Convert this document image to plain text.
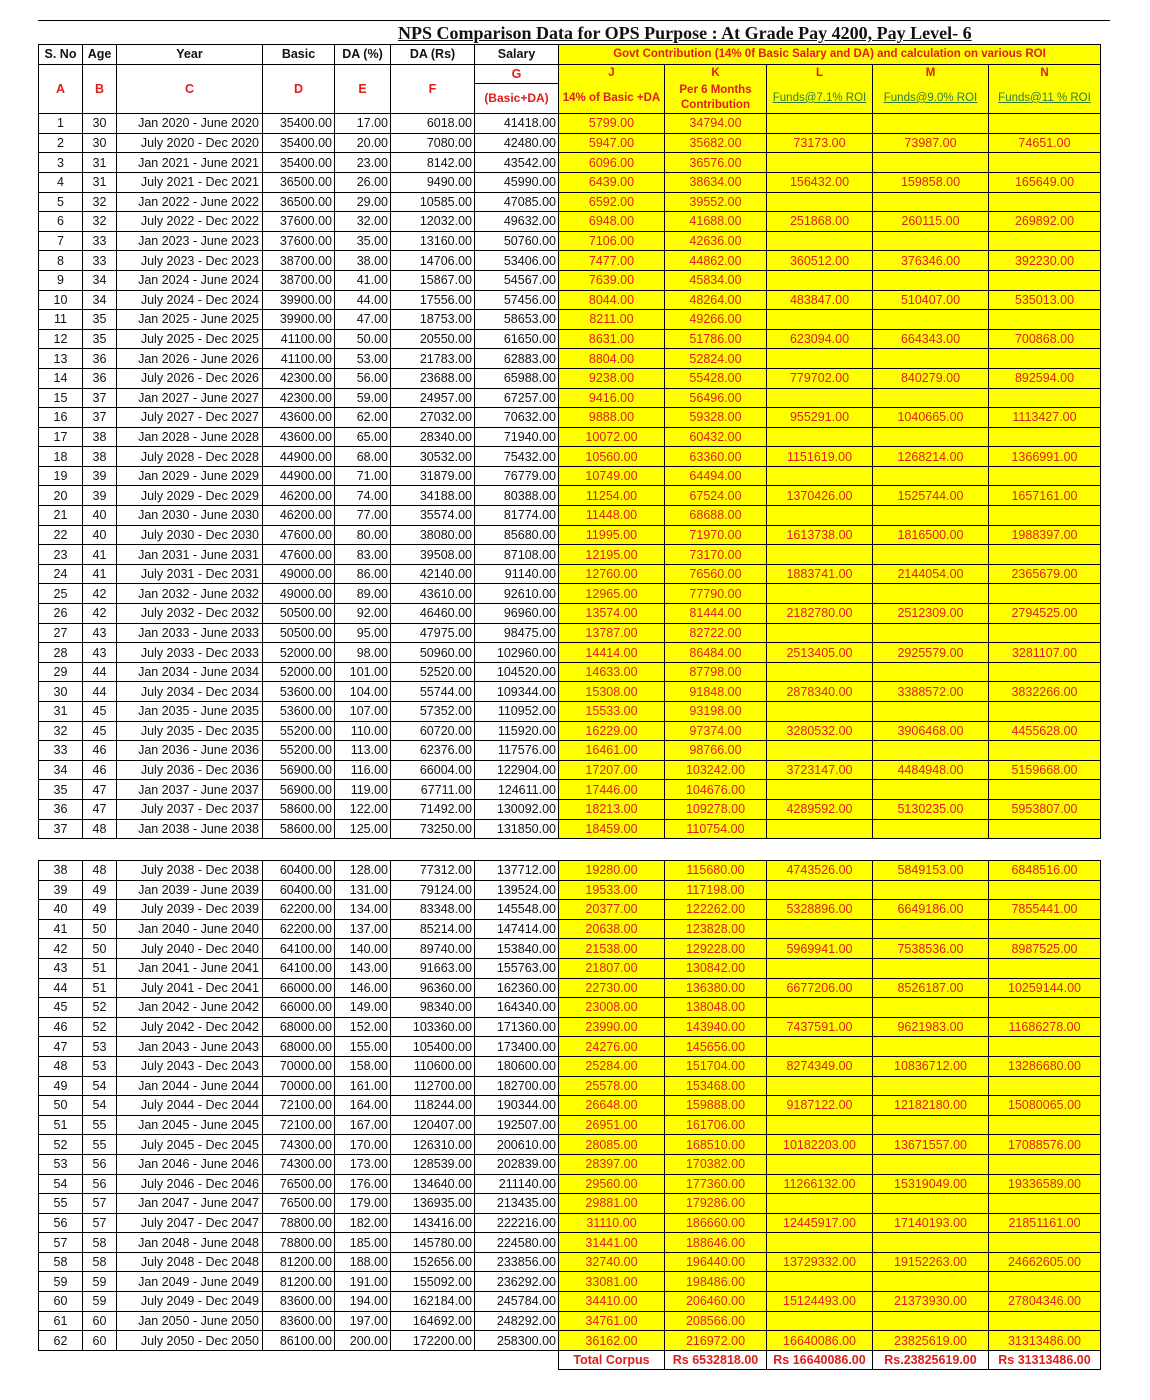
NPS Comparison Data for OPS Purpose : At Grade Pay 4200, Pay Level- 6
S. No	Age	Year	Basic	DA (%)	DA (Rs)	Salary	Govt Contribution (14% 0f Basic Salary and DA) and calculation on various ROI				
A	B	C	D	E	F	G	J	K	L	M	N
						(Basic+DA)	14% of Basic +DA	Per 6 Months Contribution	Funds@7.1% ROI	Funds@9.0% ROI	Funds@11 % ROI
1	30	Jan 2020 - June 2020	35400.00	17.00	6018.00	41418.00	5799.00	34794.00			
2	30	July 2020 - Dec 2020	35400.00	20.00	7080.00	42480.00	5947.00	35682.00	73173.00	73987.00	74651.00
3	31	Jan 2021 - June 2021	35400.00	23.00	8142.00	43542.00	6096.00	36576.00			
4	31	July 2021 - Dec 2021	36500.00	26.00	9490.00	45990.00	6439.00	38634.00	156432.00	159858.00	165649.00
5	32	Jan 2022 - June 2022	36500.00	29.00	10585.00	47085.00	6592.00	39552.00			
6	32	July 2022 - Dec 2022	37600.00	32.00	12032.00	49632.00	6948.00	41688.00	251868.00	260115.00	269892.00
7	33	Jan 2023 - June 2023	37600.00	35.00	13160.00	50760.00	7106.00	42636.00			
8	33	July 2023 - Dec 2023	38700.00	38.00	14706.00	53406.00	7477.00	44862.00	360512.00	376346.00	392230.00
9	34	Jan 2024 - June 2024	38700.00	41.00	15867.00	54567.00	7639.00	45834.00			
10	34	July 2024 - Dec 2024	39900.00	44.00	17556.00	57456.00	8044.00	48264.00	483847.00	510407.00	535013.00
11	35	Jan 2025 - June 2025	39900.00	47.00	18753.00	58653.00	8211.00	49266.00			
12	35	July 2025 - Dec 2025	41100.00	50.00	20550.00	61650.00	8631.00	51786.00	623094.00	664343.00	700868.00
13	36	Jan 2026 - June 2026	41100.00	53.00	21783.00	62883.00	8804.00	52824.00			
14	36	July 2026 - Dec 2026	42300.00	56.00	23688.00	65988.00	9238.00	55428.00	779702.00	840279.00	892594.00
15	37	Jan 2027 - June 2027	42300.00	59.00	24957.00	67257.00	9416.00	56496.00			
16	37	July 2027 - Dec 2027	43600.00	62.00	27032.00	70632.00	9888.00	59328.00	955291.00	1040665.00	1113427.00
17	38	Jan 2028 - June 2028	43600.00	65.00	28340.00	71940.00	10072.00	60432.00			
18	38	July 2028 - Dec 2028	44900.00	68.00	30532.00	75432.00	10560.00	63360.00	1151619.00	1268214.00	1366991.00
19	39	Jan 2029 - June 2029	44900.00	71.00	31879.00	76779.00	10749.00	64494.00			
20	39	July 2029 - Dec 2029	46200.00	74.00	34188.00	80388.00	11254.00	67524.00	1370426.00	1525744.00	1657161.00
21	40	Jan 2030 - June 2030	46200.00	77.00	35574.00	81774.00	11448.00	68688.00			
22	40	July 2030 - Dec 2030	47600.00	80.00	38080.00	85680.00	11995.00	71970.00	1613738.00	1816500.00	1988397.00
23	41	Jan 2031 - June 2031	47600.00	83.00	39508.00	87108.00	12195.00	73170.00			
24	41	July 2031 - Dec 2031	49000.00	86.00	42140.00	91140.00	12760.00	76560.00	1883741.00	2144054.00	2365679.00
25	42	Jan 2032 - June 2032	49000.00	89.00	43610.00	92610.00	12965.00	77790.00			
26	42	July 2032 - Dec 2032	50500.00	92.00	46460.00	96960.00	13574.00	81444.00	2182780.00	2512309.00	2794525.00
27	43	Jan 2033 - June 2033	50500.00	95.00	47975.00	98475.00	13787.00	82722.00			
28	43	July 2033 - Dec 2033	52000.00	98.00	50960.00	102960.00	14414.00	86484.00	2513405.00	2925579.00	3281107.00
29	44	Jan 2034 - June 2034	52000.00	101.00	52520.00	104520.00	14633.00	87798.00			
30	44	July 2034 - Dec 2034	53600.00	104.00	55744.00	109344.00	15308.00	91848.00	2878340.00	3388572.00	3832266.00
31	45	Jan 2035 - June 2035	53600.00	107.00	57352.00	110952.00	15533.00	93198.00			
32	45	July 2035 - Dec 2035	55200.00	110.00	60720.00	115920.00	16229.00	97374.00	3280532.00	3906468.00	4455628.00
33	46	Jan 2036 - June 2036	55200.00	113.00	62376.00	117576.00	16461.00	98766.00			
34	46	July 2036 - Dec 2036	56900.00	116.00	66004.00	122904.00	17207.00	103242.00	3723147.00	4484948.00	5159668.00
35	47	Jan 2037 - June 2037	56900.00	119.00	67711.00	124611.00	17446.00	104676.00			
36	47	July 2037 - Dec 2037	58600.00	122.00	71492.00	130092.00	18213.00	109278.00	4289592.00	5130235.00	5953807.00
37	48	Jan 2038 - June 2038	58600.00	125.00	73250.00	131850.00	18459.00	110754.00			
38	48	July 2038 - Dec 2038	60400.00	128.00	77312.00	137712.00	19280.00	115680.00	4743526.00	5849153.00	6848516.00
39	49	Jan 2039 - June 2039	60400.00	131.00	79124.00	139524.00	19533.00	117198.00			
40	49	July 2039 - Dec 2039	62200.00	134.00	83348.00	145548.00	20377.00	122262.00	5328896.00	6649186.00	7855441.00
41	50	Jan 2040 - June 2040	62200.00	137.00	85214.00	147414.00	20638.00	123828.00			
42	50	July 2040 - Dec 2040	64100.00	140.00	89740.00	153840.00	21538.00	129228.00	5969941.00	7538536.00	8987525.00
43	51	Jan 2041 - June 2041	64100.00	143.00	91663.00	155763.00	21807.00	130842.00			
44	51	July 2041 - Dec 2041	66000.00	146.00	96360.00	162360.00	22730.00	136380.00	6677206.00	8526187.00	10259144.00
45	52	Jan 2042 - June 2042	66000.00	149.00	98340.00	164340.00	23008.00	138048.00			
46	52	July 2042 - Dec 2042	68000.00	152.00	103360.00	171360.00	23990.00	143940.00	7437591.00	9621983.00	11686278.00
47	53	Jan 2043 - June 2043	68000.00	155.00	105400.00	173400.00	24276.00	145656.00			
48	53	July 2043 - Dec 2043	70000.00	158.00	110600.00	180600.00	25284.00	151704.00	8274349.00	10836712.00	13286680.00
49	54	Jan 2044 - June 2044	70000.00	161.00	112700.00	182700.00	25578.00	153468.00			
50	54	July 2044 - Dec 2044	72100.00	164.00	118244.00	190344.00	26648.00	159888.00	9187122.00	12182180.00	15080065.00
51	55	Jan 2045 - June 2045	72100.00	167.00	120407.00	192507.00	26951.00	161706.00			
52	55	July 2045 - Dec 2045	74300.00	170.00	126310.00	200610.00	28085.00	168510.00	10182203.00	13671557.00	17088576.00
53	56	Jan 2046 - June 2046	74300.00	173.00	128539.00	202839.00	28397.00	170382.00			
54	56	July 2046 - Dec 2046	76500.00	176.00	134640.00	211140.00	29560.00	177360.00	11266132.00	15319049.00	19336589.00
55	57	Jan 2047 - June 2047	76500.00	179.00	136935.00	213435.00	29881.00	179286.00			
56	57	July 2047 - Dec 2047	78800.00	182.00	143416.00	222216.00	31110.00	186660.00	12445917.00	17140193.00	21851161.00
57	58	Jan 2048 - June 2048	78800.00	185.00	145780.00	224580.00	31441.00	188646.00			
58	58	July 2048 - Dec 2048	81200.00	188.00	152656.00	233856.00	32740.00	196440.00	13729332.00	19152263.00	24662605.00
59	59	Jan 2049 - June 2049	81200.00	191.00	155092.00	236292.00	33081.00	198486.00			
60	59	July 2049 - Dec 2049	83600.00	194.00	162184.00	245784.00	34410.00	206460.00	15124493.00	21373930.00	27804346.00
61	60	Jan 2050 - June 2050	83600.00	197.00	164692.00	248292.00	34761.00	208566.00			
62	60	July 2050 - Dec 2050	86100.00	200.00	172200.00	258300.00	36162.00	216972.00	16640086.00	23825619.00	31313486.00
							Total Corpus	Rs 6532818.00	Rs 16640086.00	Rs.23825619.00	Rs 31313486.00
